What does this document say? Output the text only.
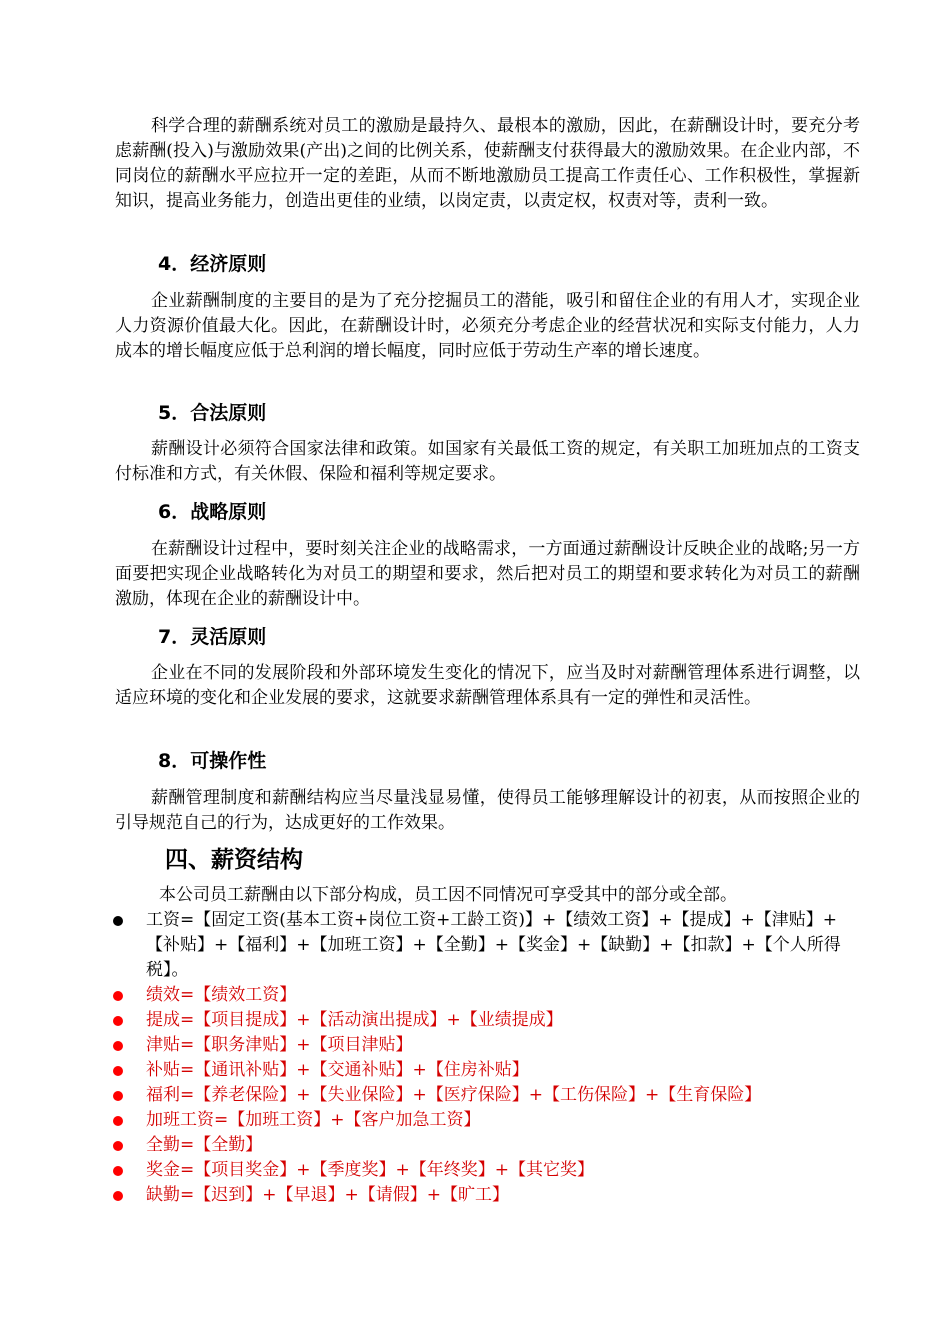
科学合理的薪酬系统对员工的激励是最持久、最根本的激励，因此，在薪酬设计时，要充分考虑薪酬(投入)与激励效果(产出)之间的比例关系，使薪酬支付获得最大的激励效果。在企业内部，不同岗位的薪酬水平应拉开一定的差距，从而不断地激励员工提高工作责任心、工作积极性，掌握新知识，提高业务能力，创造出更佳的业绩，以岗定责，以责定权，权责对等，责利一致。

4．经济原则

企业薪酬制度的主要目的是为了充分挖掘员工的潜能，吸引和留住企业的有用人才，实现企业人力资源价值最大化。因此，在薪酬设计时，必须充分考虑企业的经营状况和实际支付能力，人力成本的增长幅度应低于总利润的增长幅度，同时应低于劳动生产率的增长速度。

5．合法原则

薪酬设计必须符合国家法律和政策。如国家有关最低工资的规定，有关职工加班加点的工资支付标准和方式，有关休假、保险和福利等规定要求。

6．战略原则

在薪酬设计过程中，要时刻关注企业的战略需求，一方面通过薪酬设计反映企业的战略;另一方面要把实现企业战略转化为对员工的期望和要求，然后把对员工的期望和要求转化为对员工的薪酬激励，体现在企业的薪酬设计中。

7．灵活原则

企业在不同的发展阶段和外部环境发生变化的情况下，应当及时对薪酬管理体系进行调整，以适应环境的变化和企业发展的要求，这就要求薪酬管理体系具有一定的弹性和灵活性。

8．可操作性

薪酬管理制度和薪酬结构应当尽量浅显易懂，使得员工能够理解设计的初衷，从而按照企业的引导规范自己的行为，达成更好的工作效果。

四、薪资结构

本公司员工薪酬由以下部分构成，员工因不同情况可享受其中的部分或全部。

工资=【固定工资(基本工资+岗位工资+工龄工资)】+【绩效工资】+【提成】+【津贴】+【补贴】+【福利】+【加班工资】+【全勤】+【奖金】+【缺勤】+【扣款】+【个人所得税】。
绩效=【绩效工资】
提成=【项目提成】+【活动演出提成】+【业绩提成】
津贴=【职务津贴】+【项目津贴】
补贴=【通讯补贴】+【交通补贴】+【住房补贴】
福利=【养老保险】+【失业保险】+【医疗保险】+【工伤保险】+【生育保险】
加班工资=【加班工资】+【客户加急工资】
全勤=【全勤】
奖金=【项目奖金】+【季度奖】+【年终奖】+【其它奖】
缺勤=【迟到】+【早退】+【请假】+【旷工】
